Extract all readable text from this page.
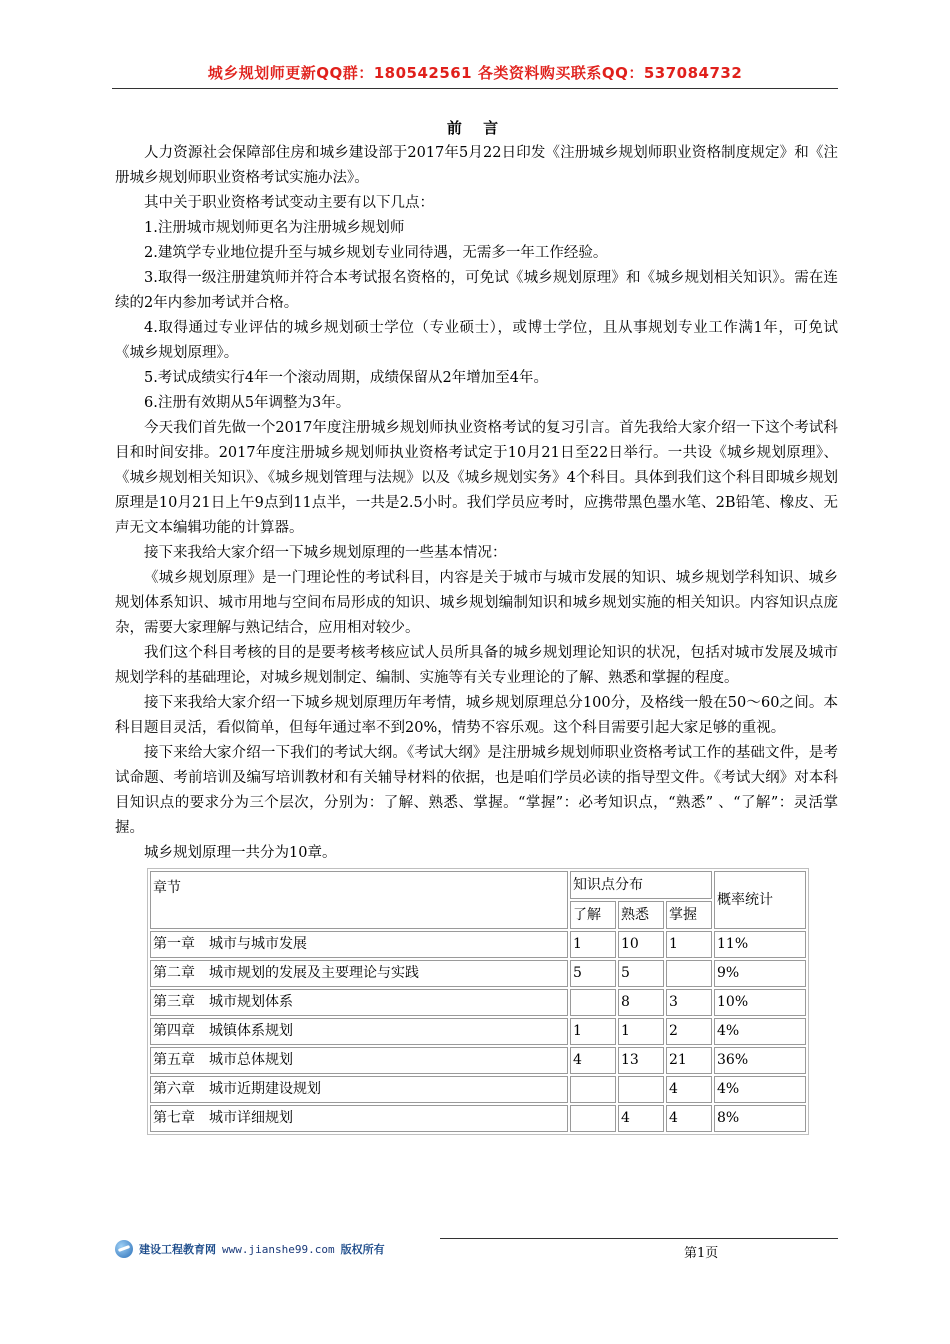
城乡规划师更新QQ群：180542561 各类资料购买联系QQ：537084732
前 言

人力资源社会保障部住房和城乡建设部于2017年5月22日印发《注册城乡规划师职业资格制度规定》和《注册城乡规划师职业资格考试实施办法》。

其中关于职业资格考试变动主要有以下几点：

1.注册城市规划师更名为注册城乡规划师

2.建筑学专业地位提升至与城乡规划专业同待遇，无需多一年工作经验。

3.取得一级注册建筑师并符合本考试报名资格的，可免试《城乡规划原理》和《城乡规划相关知识》。需在连续的2年内参加考试并合格。

4.取得通过专业评估的城乡规划硕士学位（专业硕士），或博士学位，且从事规划专业工作满1年，可免试《城乡规划原理》。

5.考试成绩实行4年一个滚动周期，成绩保留从2年增加至4年。

6.注册有效期从5年调整为3年。

今天我们首先做一个2017年度注册城乡规划师执业资格考试的复习引言。首先我给大家介绍一下这个考试科目和时间安排。2017年度注册城乡规划师执业资格考试定于10月21日至22日举行。一共设《城乡规划原理》、《城乡规划相关知识》、《城乡规划管理与法规》以及《城乡规划实务》4个科目。具体到我们这个科目即城乡规划原理是10月21日上午9点到11点半，一共是2.5小时。我们学员应考时，应携带黑色墨水笔、2B铅笔、橡皮、无声无文本编辑功能的计算器。

接下来我给大家介绍一下城乡规划原理的一些基本情况：

《城乡规划原理》是一门理论性的考试科目，内容是关于城市与城市发展的知识、城乡规划学科知识、城乡规划体系知识、城市用地与空间布局形成的知识、城乡规划编制知识和城乡规划实施的相关知识。内容知识点庞杂，需要大家理解与熟记结合，应用相对较少。

我们这个科目考核的目的是要考核考核应试人员所具备的城乡规划理论知识的状况，包括对城市发展及城市规划学科的基础理论，对城乡规划制定、编制、实施等有关专业理论的了解、熟悉和掌握的程度。

接下来我给大家介绍一下城乡规划原理历年考情，城乡规划原理总分100分，及格线一般在50～60之间。本科目题目灵活，看似简单，但每年通过率不到20%，情势不容乐观。这个科目需要引起大家足够的重视。

接下来给大家介绍一下我们的考试大纲。《考试大纲》是注册城乡规划师职业资格考试工作的基础文件，是考试命题、考前培训及编写培训教材和有关辅导材料的依据，也是咱们学员必读的指导型文件。《考试大纲》对本科目知识点的要求分为三个层次，分别为：了解、熟悉、掌握。“掌握”：必考知识点，“熟悉” 、“了解”：灵活掌握。

城乡规划原理一共分为10章。

章节	知识点分布			概率统计
	了解	熟悉	掌握	
第一章　城市与城市发展	1	10	1	11%
第二章　城市规划的发展及主要理论与实践	5	5		9%
第三章　城市规划体系		8	3	10%
第四章　城镇体系规划	1	1	2	4%
第五章　城市总体规划	4	13	21	36%
第六章　城市近期建设规划			4	4%
第七章　城市详细规划		4	4	8%
建设工程教育网 www.jianshe99.com 版权所有	第1页
